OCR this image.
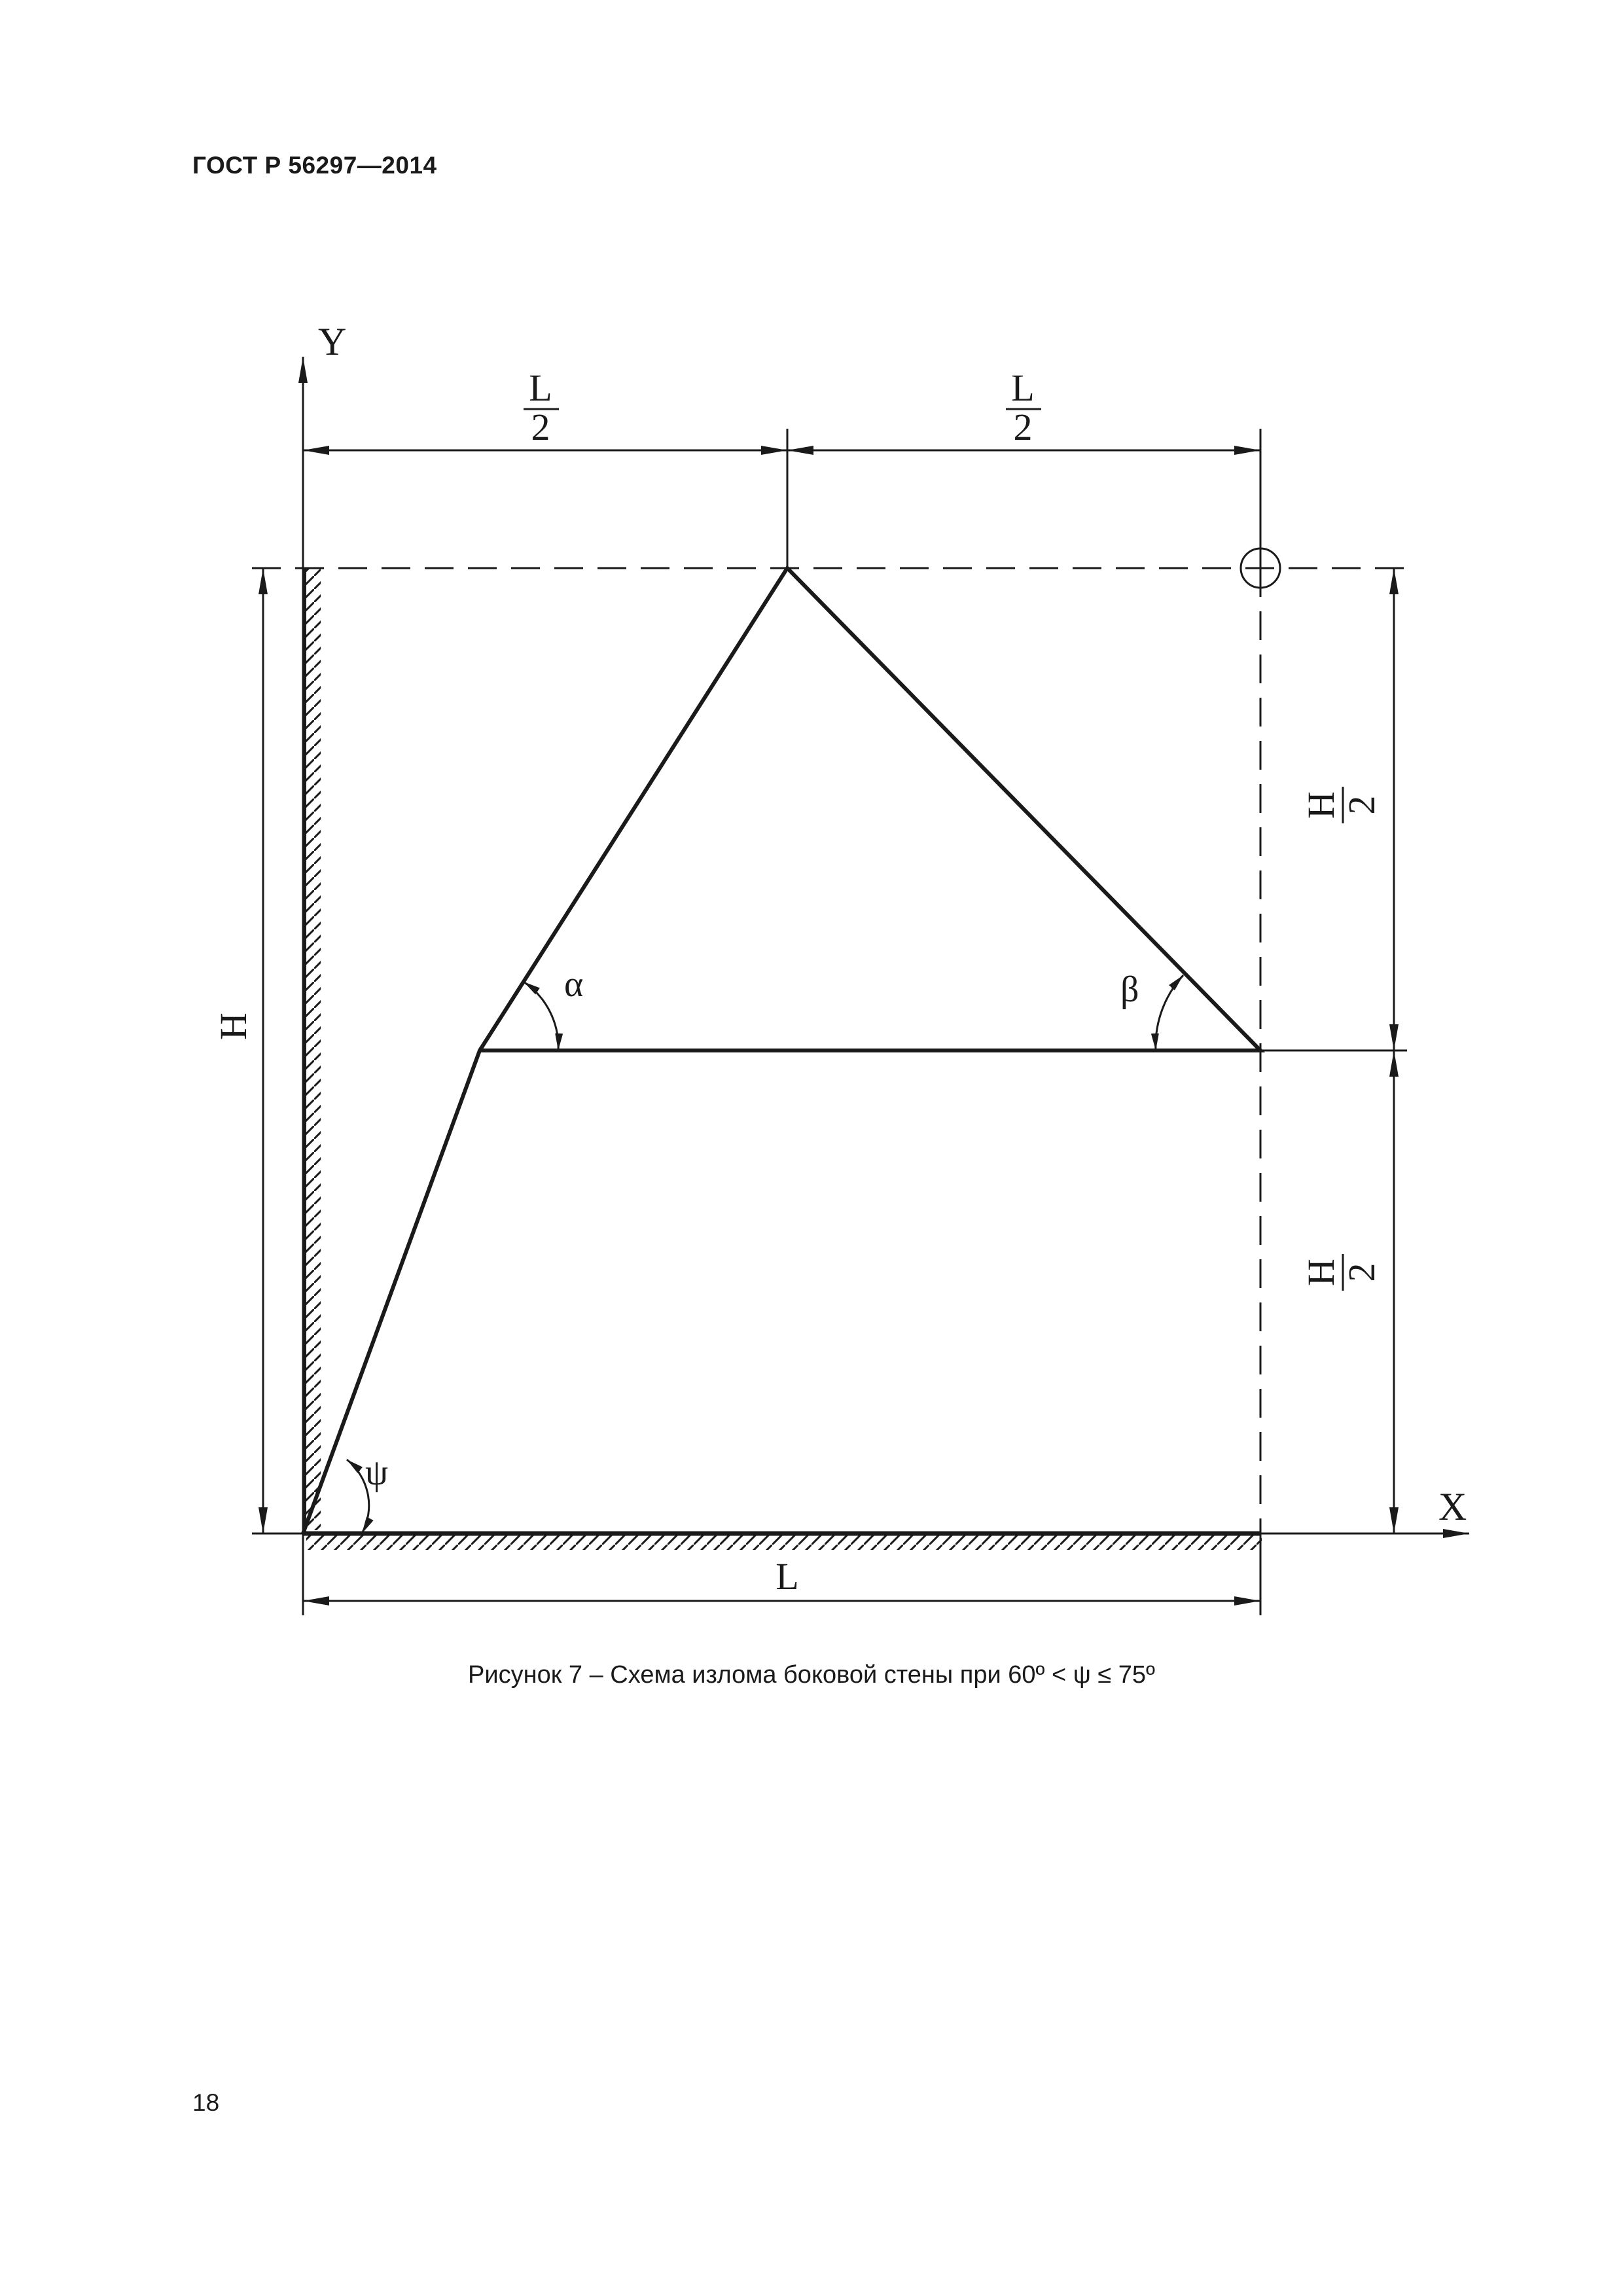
ГОСТ Р 56297—2014
L
2
L
2
Y
X
H
H
2
H
2
L
α	β
ψ
Рисунок 7 – Схема излома боковой стены при 60º < ψ ≤ 75º
18
